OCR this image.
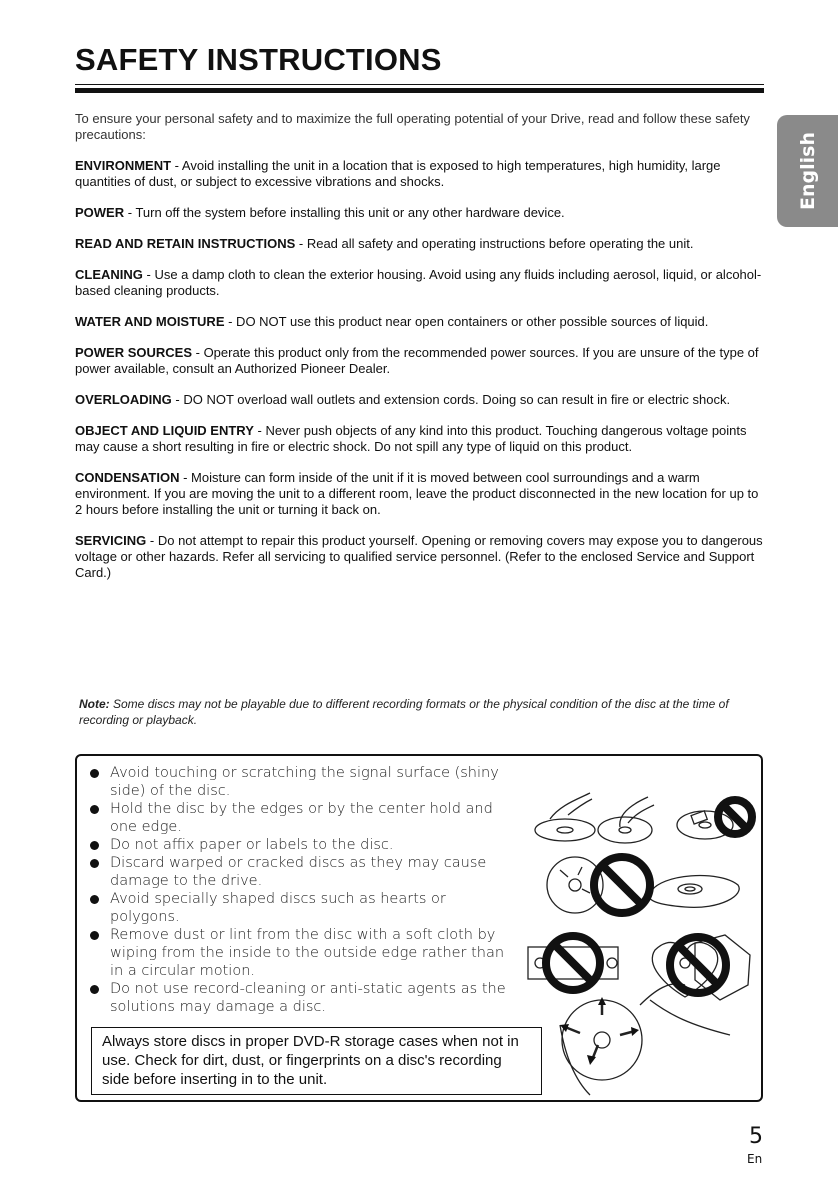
SAFETY INSTRUCTIONS
English
To ensure your personal safety and to maximize the full operating potential of your Drive, read and follow these safety precautions:

ENVIRONMENT - Avoid installing the unit in a location that is exposed to high temperatures, high humidity, large quantities of dust, or subject to excessive vibrations and shocks.

POWER - Turn off the system before installing this unit or any other hardware device.

READ AND RETAIN INSTRUCTIONS - Read all safety and operating instructions before operating the unit.

CLEANING - Use a damp cloth to clean the exterior housing. Avoid using any fluids including aerosol, liquid, or alcohol-based cleaning products.

WATER AND MOISTURE - DO NOT use this product near open containers or other possible sources of liquid.

POWER SOURCES - Operate this product only from the recommended power sources. If you are unsure of the type of power available, consult an Authorized Pioneer Dealer.

OVERLOADING - DO NOT overload wall outlets and extension cords. Doing so can result in fire or electric shock.

OBJECT AND LIQUID ENTRY - Never push objects of any kind into this product. Touching dangerous voltage points may cause a short resulting in fire or electric shock. Do not spill any type of liquid on this product.

CONDENSATION - Moisture can form inside of the unit if it is moved between cool surroundings and a warm environment. If you are moving the unit to a different room, leave the product disconnected in the new location for up to 2 hours before installing the unit or turning it back on.

SERVICING - Do not attempt to repair this product yourself. Opening or removing covers may expose you to dangerous voltage or other hazards. Refer all servicing to qualified service personnel. (Refer to the enclosed Service and Support Card.)

Note: Some discs may not be playable due to different recording formats or the physical condition of the disc at the time of recording or playback.
Avoid touching or scratching the signal surface (shiny side) of the disc.
Hold the disc by the edges or by the center hold and one edge.
Do not affix paper or labels to the disc.
Discard warped or cracked discs as they may cause damage to the drive.
Avoid specially shaped discs such as hearts or polygons.
Remove dust or lint from the disc with a soft cloth by wiping from the inside to the outside edge rather than in a circular motion.
Do not use record-cleaning or anti-static agents as the solutions may damage a disc.
Always store discs in proper DVD-R storage cases when not in use. Check for dirt, dust, or fingerprints on a disc's recording side before inserting in to the unit.
5
En
